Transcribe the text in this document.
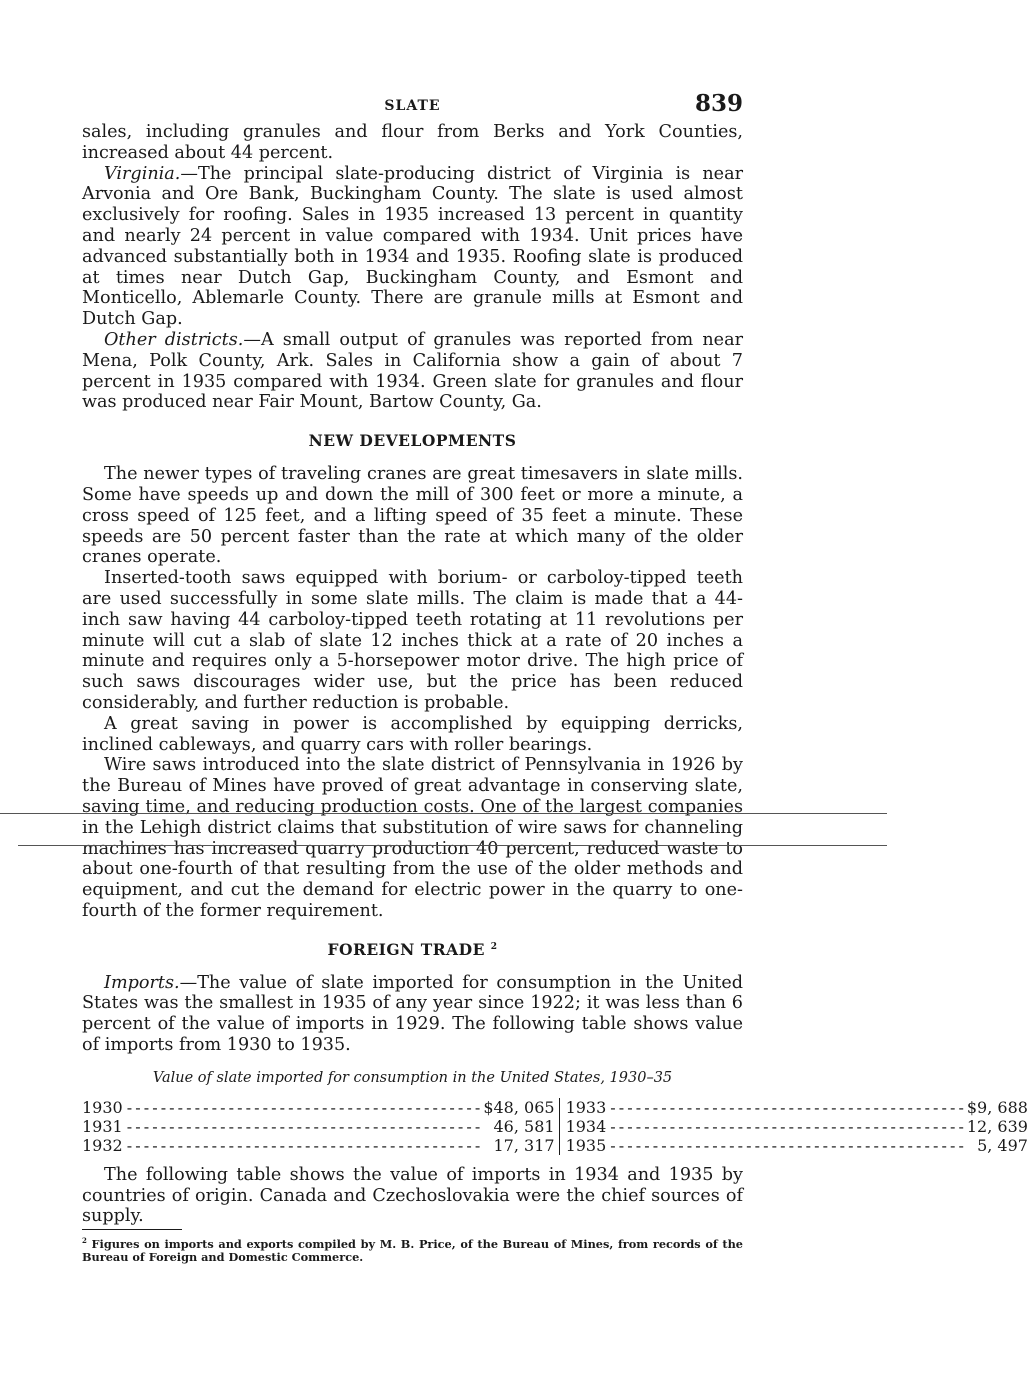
SLATE	839

sales, including granules and flour from Berks and York Counties, increased about 44 percent.

Virginia.—The principal slate-producing district of Virginia is near Arvonia and Ore Bank, Buckingham County. The slate is used almost exclusively for roofing. Sales in 1935 increased 13 percent in quantity and nearly 24 percent in value compared with 1934. Unit prices have advanced substantially both in 1934 and 1935. Roofing slate is produced at times near Dutch Gap, Buckingham County, and Esmont and Monticello, Ablemarle County. There are granule mills at Esmont and Dutch Gap.

Other districts.—A small output of granules was reported from near Mena, Polk County, Ark. Sales in California show a gain of about 7 percent in 1935 compared with 1934. Green slate for granules and flour was produced near Fair Mount, Bartow County, Ga.

NEW DEVELOPMENTS

The newer types of traveling cranes are great timesavers in slate mills. Some have speeds up and down the mill of 300 feet or more a minute, a cross speed of 125 feet, and a lifting speed of 35 feet a minute. These speeds are 50 percent faster than the rate at which many of the older cranes operate.

Inserted-tooth saws equipped with borium- or carboloy-tipped teeth are used successfully in some slate mills. The claim is made that a 44-inch saw having 44 carboloy-tipped teeth rotating at 11 revolutions per minute will cut a slab of slate 12 inches thick at a rate of 20 inches a minute and requires only a 5-horsepower motor drive. The high price of such saws discourages wider use, but the price has been reduced considerably, and further reduction is probable.

A great saving in power is accomplished by equipping derricks, inclined cableways, and quarry cars with roller bearings.

Wire saws introduced into the slate district of Pennsylvania in 1926 by the Bureau of Mines have proved of great advantage in conserving slate, saving time, and reducing production costs. One of the largest companies in the Lehigh district claims that substitution of wire saws for channeling machines has increased quarry production 40 percent, reduced waste to about one-fourth of that resulting from the use of the older methods and equipment, and cut the demand for electric power in the quarry to one-fourth of the former requirement.

FOREIGN TRADE $^2$

Imports.—The value of slate imported for consumption in the United States was the smallest in 1935 of any year since 1922; it was less than 6 percent of the value of imports in 1929. The following table shows value of imports from 1930 to 1935.

Value of slate imported for consumption in the United States, 1930–35
1930 - - -	$48, 065
1931 - - -	46, 581
1932 - - -	17, 317
1933 - - -	$9, 688
1934 - - -	12, 639
1935 - - -	5, 497

The following table shows the value of imports in 1934 and 1935 by countries of origin. Canada and Czechoslovakia were the chief sources of supply.

$^2$ Figures on imports and exports compiled by M. B. Price, of the Bureau of Mines, from records of the Bureau of Foreign and Domestic Commerce.
